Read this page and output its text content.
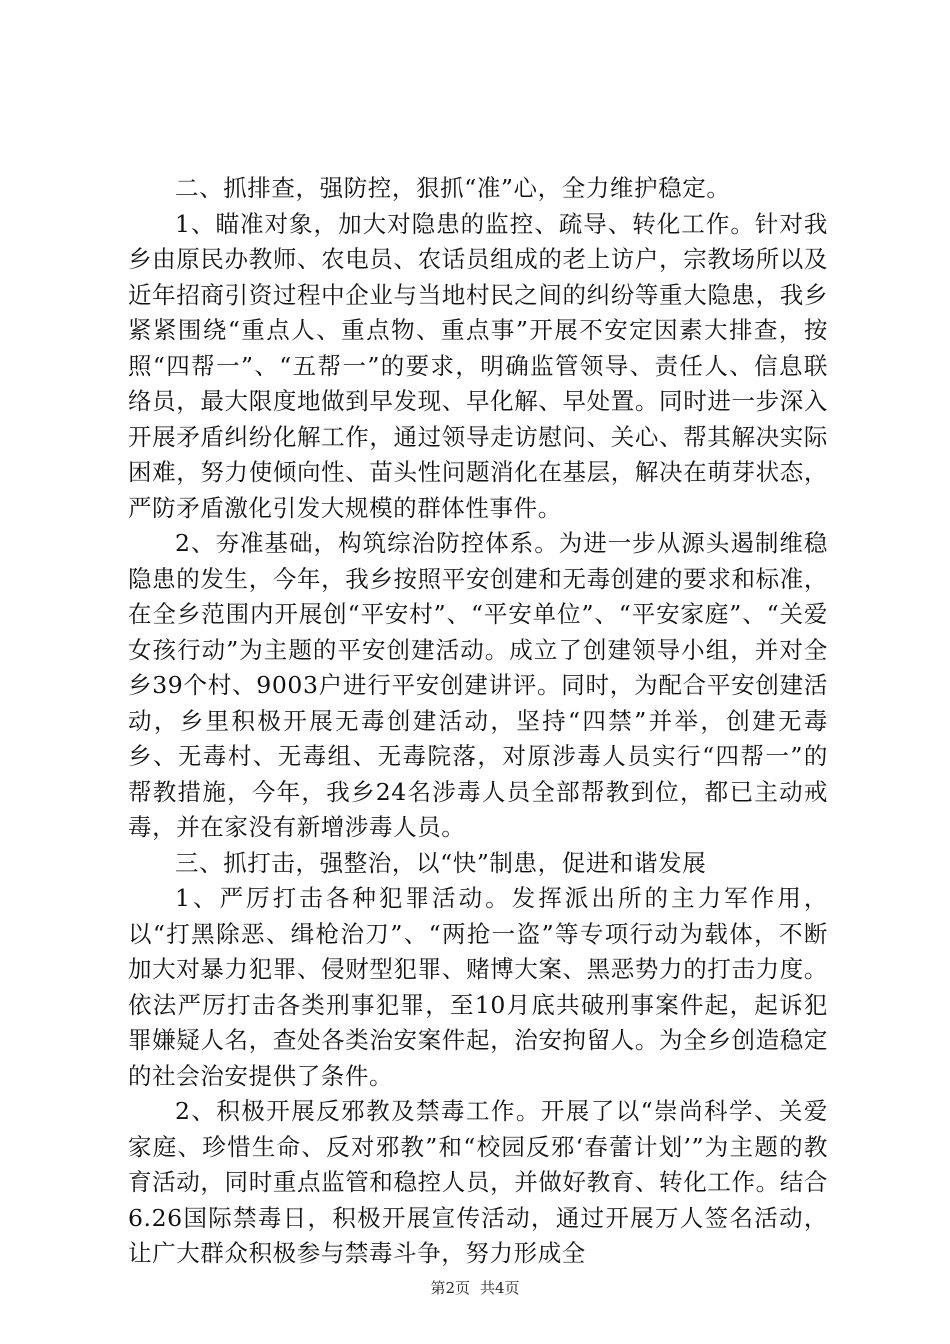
二、抓排查，强防控，狠抓“准”心，全力维护稳定。

1、瞄准对象，加大对隐患的监控、疏导、转化工作。针对我乡由原民办教师、农电员、农话员组成的老上访户，宗教场所以及近年招商引资过程中企业与当地村民之间的纠纷等重大隐患，我乡紧紧围绕“重点人、重点物、重点事”开展不安定因素大排查，按照“四帮一”、“五帮一”的要求，明确监管领导、责任人、信息联络员，最大限度地做到早发现、早化解、早处置。同时进一步深入开展矛盾纠纷化解工作，通过领导走访慰问、关心、帮其解决实际困难，努力使倾向性、苗头性问题消化在基层，解决在萌芽状态，严防矛盾激化引发大规模的群体性事件。

2、夯准基础，构筑综治防控体系。为进一步从源头遏制维稳隐患的发生，今年，我乡按照平安创建和无毒创建的要求和标准，在全乡范围内开展创“平安村”、“平安单位”、“平安家庭”、“关爱女孩行动”为主题的平安创建活动。成立了创建领导小组，并对全乡39个村、9003户进行平安创建讲评。同时，为配合平安创建活动，乡里积极开展无毒创建活动，坚持“四禁”并举，创建无毒乡、无毒村、无毒组、无毒院落，对原涉毒人员实行“四帮一”的帮教措施，今年，我乡24名涉毒人员全部帮教到位，都已主动戒毒，并在家没有新增涉毒人员。

三、抓打击，强整治，以“快”制患，促进和谐发展

1、严厉打击各种犯罪活动。发挥派出所的主力军作用，以“打黑除恶、缉枪治刀”、“两抢一盗”等专项行动为载体，不断加大对暴力犯罪、侵财型犯罪、赌博大案、黑恶势力的打击力度。依法严厉打击各类刑事犯罪，至10月底共破刑事案件起，起诉犯罪嫌疑人名，查处各类治安案件起，治安拘留人。为全乡创造稳定的社会治安提供了条件。

2、积极开展反邪教及禁毒工作。开展了以“崇尚科学、关爱家庭、珍惜生命、反对邪教”和“校园反邪‘春蕾计划’”为主题的教育活动，同时重点监管和稳控人员，并做好教育、转化工作。结合6.26国际禁毒日，积极开展宣传活动，通过开展万人签名活动，让广大群众积极参与禁毒斗争，努力形成全

第2页 共4页
